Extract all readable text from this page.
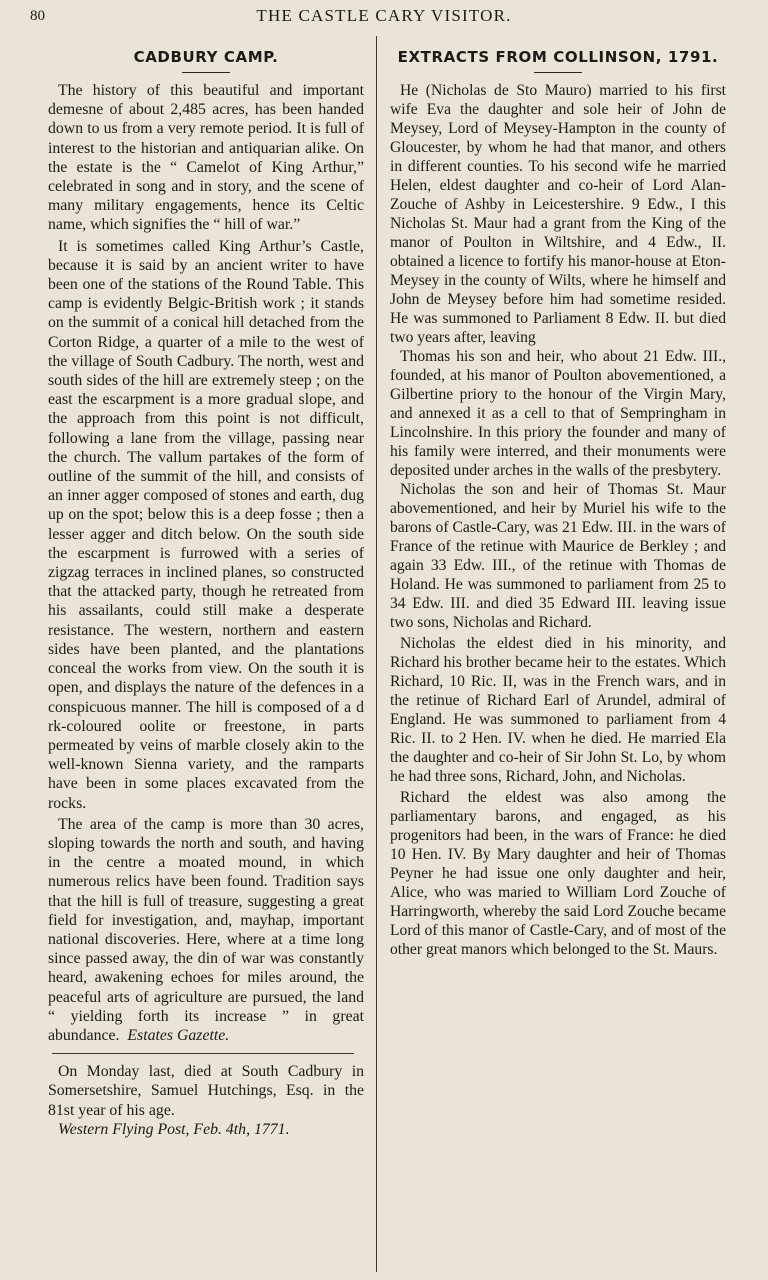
80	THE CASTLE CARY VISITOR.
CADBURY CAMP.

The history of this beautiful and important demesne of about 2,485 acres, has been handed down to us from a very remote period. It is full of interest to the historian and antiquarian alike. On the estate is the “ Camelot of King Arthur,” celebrated in song and in story, and the scene of many military engagements, hence its Celtic name, which signifies the “ hill of war.”

It is sometimes called King Arthur’s Castle, because it is said by an ancient writer to have been one of the stations of the Round Table. This camp is evidently Belgic-British work ; it stands on the summit of a conical hill detached from the Corton Ridge, a quarter of a mile to the west of the village of South Cadbury. The north, west and south sides of the hill are extremely steep ; on the east the escarpment is a more gradual slope, and the approach from this point is not difficult, following a lane from the village, passing near the church. The vallum partakes of the form of outline of the summit of the hill, and consists of an inner agger composed of stones and earth, dug up on the spot; below this is a deep fosse ; then a lesser agger and ditch below. On the south side the escarpment is furrowed with a series of zigzag terraces in inclined planes, so constructed that the attacked party, though he retreated from his assailants, could still make a desperate resistance. The western, northern and eastern sides have been planted, and the plantations conceal the works from view. On the south it is open, and displays the nature of the defences in a conspicuous manner. The hill is composed of a d rk-coloured oolite or freestone, in parts permeated by veins of marble closely akin to the well-known Sienna variety, and the ramparts have been in some places excavated from the rocks.

The area of the camp is more than 30 acres, sloping towards the north and south, and having in the centre a moated mound, in which numerous relics have been found. Tradition says that the hill is full of treasure, suggesting a great field for investigation, and, mayhap, important national discoveries. Here, where at a time long since passed away, the din of war was constantly heard, awakening echoes for miles around, the peaceful arts of agriculture are pursued, the land “ yielding forth its increase ” in great abundance. Estates Gazette.

On Monday last, died at South Cadbury in Somersetshire, Samuel Hutchings, Esq. in the 81st year of his age.

Western Flying Post, Feb. 4th, 1771.

EXTRACTS FROM COLLINSON, 1791.

He (Nicholas de Sto Mauro) married to his first wife Eva the daughter and sole heir of John de Meysey, Lord of Meysey-Hampton in the county of Gloucester, by whom he had that manor, and others in different counties. To his second wife he married Helen, eldest daughter and co-heir of Lord Alan-Zouche of Ashby in Leicestershire. 9 Edw., I this Nicholas St. Maur had a grant from the King of the manor of Poulton in Wiltshire, and 4 Edw., II. obtained a licence to fortify his manor-house at Eton-Meysey in the county of Wilts, where he himself and John de Meysey before him had sometime resided. He was summoned to Parliament 8 Edw. II. but died two years after, leaving

Thomas his son and heir, who about 21 Edw. III., founded, at his manor of Poulton abovementioned, a Gilbertine priory to the honour of the Virgin Mary, and annexed it as a cell to that of Sempringham in Lincolnshire. In this priory the founder and many of his family were interred, and their monuments were deposited under arches in the walls of the presbytery.

Nicholas the son and heir of Thomas St. Maur abovementioned, and heir by Muriel his wife to the barons of Castle-Cary, was 21 Edw. III. in the wars of France of the retinue with Maurice de Berkley ; and again 33 Edw. III., of the retinue with Thomas de Holand. He was summoned to parliament from 25 to 34 Edw. III. and died 35 Edward III. leaving issue two sons, Nicholas and Richard.

Nicholas the eldest died in his minority, and Richard his brother became heir to the estates. Which Richard, 10 Ric. II, was in the French wars, and in the retinue of Richard Earl of Arundel, admiral of England. He was summoned to parliament from 4 Ric. II. to 2 Hen. IV. when he died. He married Ela the daughter and co-heir of Sir John St. Lo, by whom he had three sons, Richard, John, and Nicholas.

Richard the eldest was also among the parliamentary barons, and engaged, as his progenitors had been, in the wars of France: he died 10 Hen. IV. By Mary daughter and heir of Thomas Peyner he had issue one only daughter and heir, Alice, who was maried to William Lord Zouche of Harringworth, whereby the said Lord Zouche became Lord of this manor of Castle-Cary, and of most of the other great manors which belonged to the St. Maurs.
